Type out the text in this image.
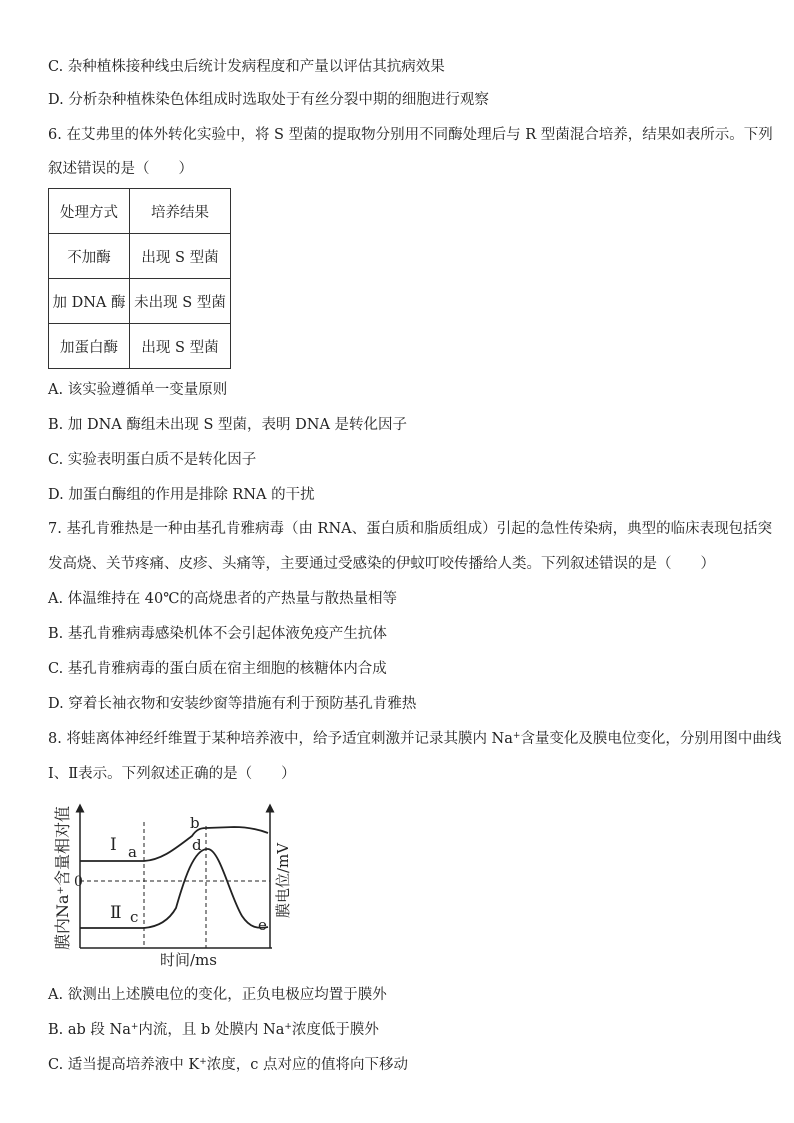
C. 杂种植株接种线虫后统计发病程度和产量以评估其抗病效果
D. 分析杂种植株染色体组成时选取处于有丝分裂中期的细胞进行观察
6. 在艾弗里的体外转化实验中，将 S 型菌的提取物分别用不同酶处理后与 R 型菌混合培养，结果如表所示。下列
叙述错误的是（　　）
处理方式	培养结果
不加酶	出现 S 型菌
加 DNA 酶	未出现 S 型菌
加蛋白酶	出现 S 型菌
A. 该实验遵循单一变量原则
B. 加 DNA 酶组未出现 S 型菌，表明 DNA 是转化因子
C. 实验表明蛋白质不是转化因子
D. 加蛋白酶组的作用是排除 RNA 的干扰
7. 基孔肯雅热是一种由基孔肯雅病毒（由 RNA、蛋白质和脂质组成）引起的急性传染病，典型的临床表现包括突
发高烧、关节疼痛、皮疹、头痛等，主要通过受感染的伊蚊叮咬传播给人类。下列叙述错误的是（　　）
A. 体温维持在 40℃的高烧患者的产热量与散热量相等
B. 基孔肯雅病毒感染机体不会引起体液免疫产生抗体
C. 基孔肯雅病毒的蛋白质在宿主细胞的核糖体内合成
D. 穿着长袖衣物和安装纱窗等措施有利于预防基孔肯雅热
8. 将蛙离体神经纤维置于某种培养液中，给予适宜刺激并记录其膜内 Na+含量变化及膜电位变化，分别用图中曲线
Ⅰ、Ⅱ表示。下列叙述正确的是（　　）
膜内Na⁺含量相对值	膜电位/mV
时间/ms
0
Ⅰ
Ⅱ
a
b
c
d
e
A. 欲测出上述膜电位的变化，正负电极应均置于膜外
B. ab 段 Na+内流，且 b 处膜内 Na+浓度低于膜外
C. 适当提高培养液中 K+浓度，c 点对应的值将向下移动
